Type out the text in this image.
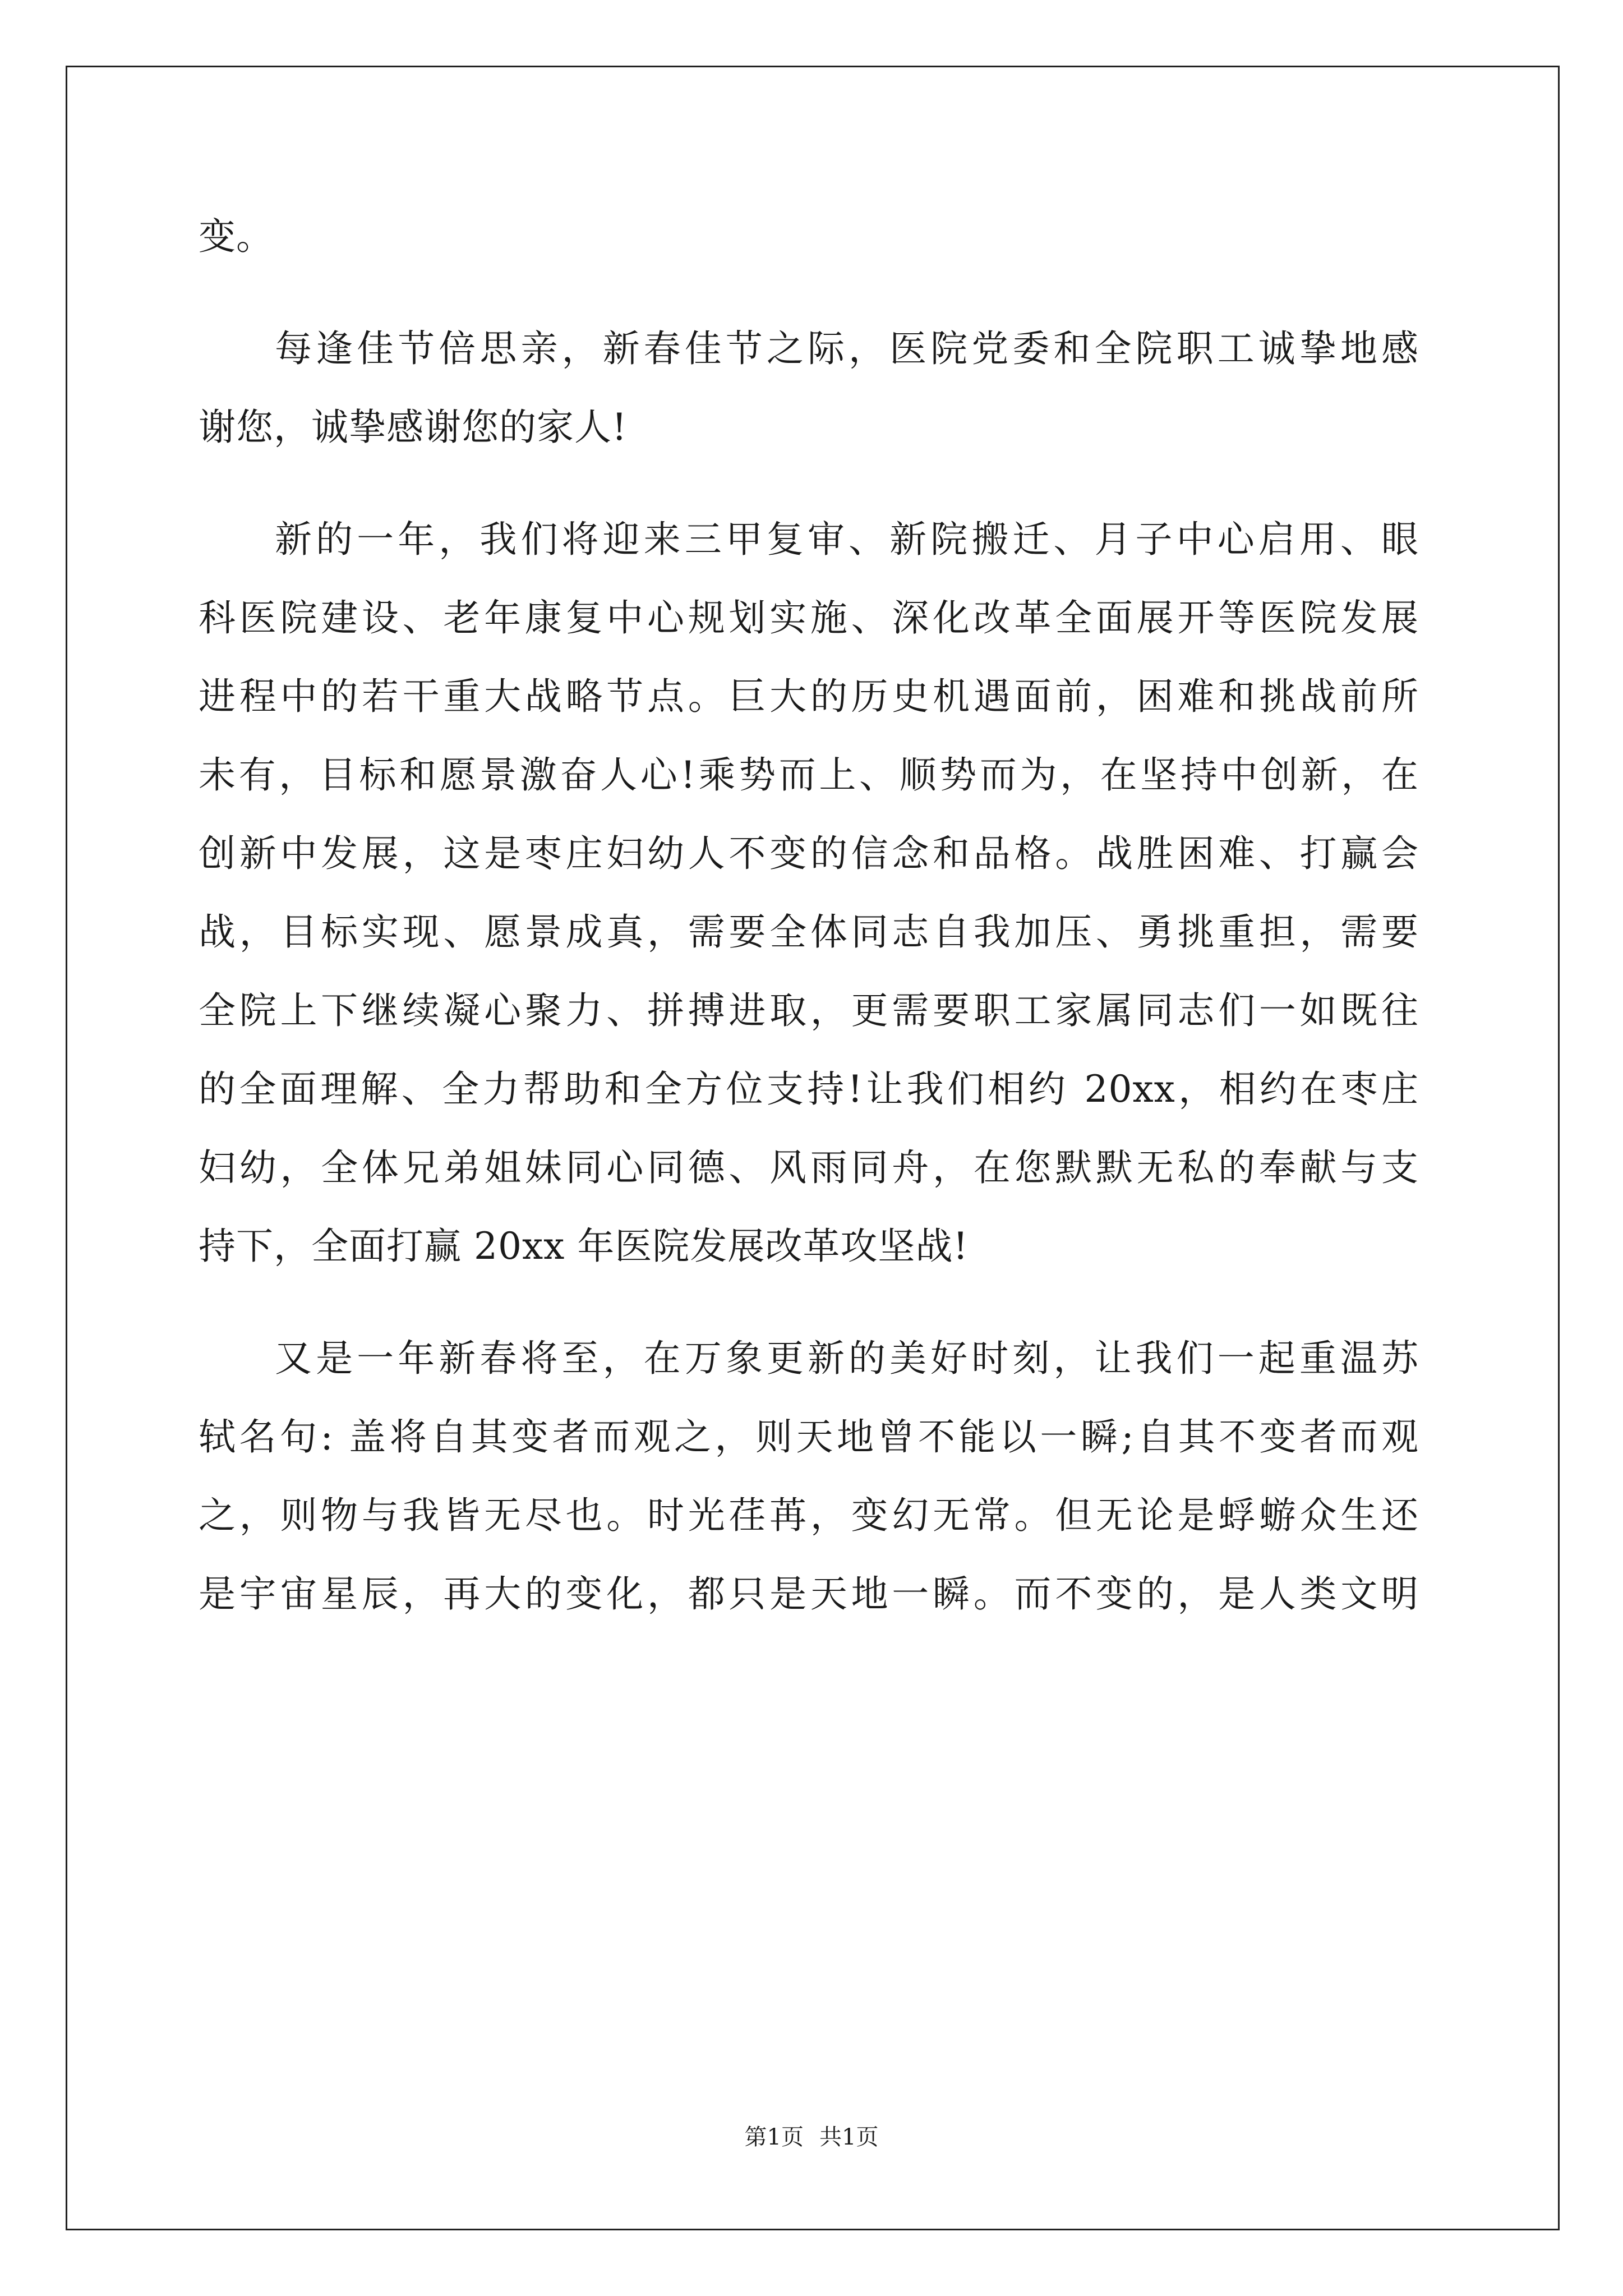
变。
每逢佳节倍思亲，新春佳节之际，医院党委和全院职工诚挚地感
谢您，诚挚感谢您的家人!
新的一年，我们将迎来三甲复审、新院搬迁、月子中心启用、眼
科医院建设、老年康复中心规划实施、深化改革全面展开等医院发展
进程中的若干重大战略节点。巨大的历史机遇面前，困难和挑战前所
未有，目标和愿景激奋人心!乘势而上、顺势而为，在坚持中创新，在
创新中发展，这是枣庄妇幼人不变的信念和品格。战胜困难、打赢会
战，目标实现、愿景成真，需要全体同志自我加压、勇挑重担，需要
全院上下继续凝心聚力、拼搏进取，更需要职工家属同志们一如既往
的全面理解、全力帮助和全方位支持!让我们相约 20xx，相约在枣庄
妇幼，全体兄弟姐妹同心同德、风雨同舟，在您默默无私的奉献与支
持下，全面打赢 20xx 年医院发展改革攻坚战!
又是一年新春将至，在万象更新的美好时刻，让我们一起重温苏
轼名句: 盖将自其变者而观之，则天地曾不能以一瞬;自其不变者而观
之，则物与我皆无尽也。时光荏苒，变幻无常。但无论是蜉蝣众生还
是宇宙星辰，再大的变化，都只是天地一瞬。而不变的，是人类文明
第1页 共1页
